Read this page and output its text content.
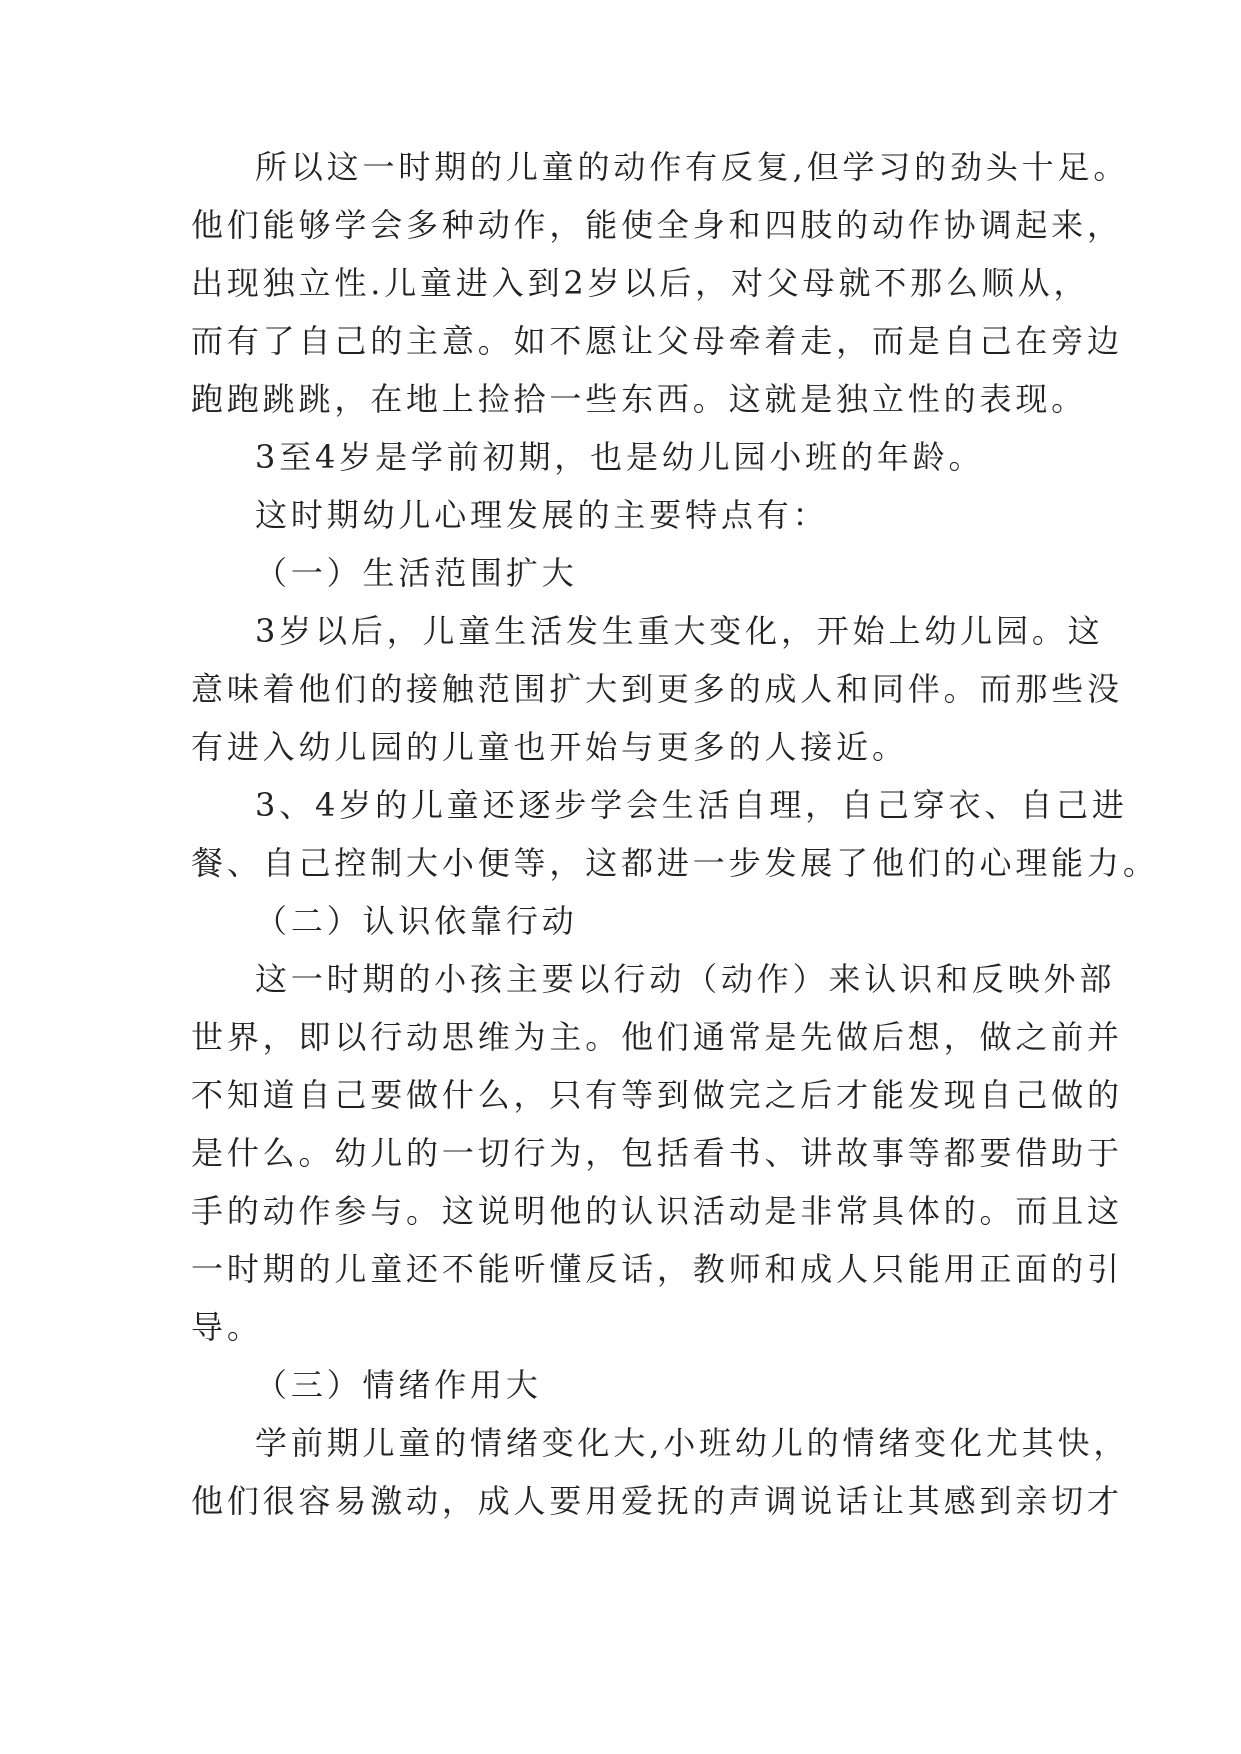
所以这一时期的儿童的动作有反复,但学习的劲头十足。
他们能够学会多种动作，能使全身和四肢的动作协调起来，
出现独立性.儿童进入到2岁以后，对父母就不那么顺从，
而有了自己的主意。如不愿让父母牵着走，而是自己在旁边
跑跑跳跳，在地上捡拾一些东西。这就是独立性的表现。
3至4岁是学前初期，也是幼儿园小班的年龄。
这时期幼儿心理发展的主要特点有：
（一）生活范围扩大
3岁以后，儿童生活发生重大变化，开始上幼儿园。这
意味着他们的接触范围扩大到更多的成人和同伴。而那些没
有进入幼儿园的儿童也开始与更多的人接近。
3、4岁的儿童还逐步学会生活自理，自己穿衣、自己进
餐、自己控制大小便等，这都进一步发展了他们的心理能力。
（二）认识依靠行动
这一时期的小孩主要以行动（动作）来认识和反映外部
世界，即以行动思维为主。他们通常是先做后想，做之前并
不知道自己要做什么，只有等到做完之后才能发现自己做的
是什么。幼儿的一切行为，包括看书、讲故事等都要借助于
手的动作参与。这说明他的认识活动是非常具体的。而且这
一时期的儿童还不能听懂反话，教师和成人只能用正面的引
导。
（三）情绪作用大
学前期儿童的情绪变化大,小班幼儿的情绪变化尤其快，
他们很容易激动，成人要用爱抚的声调说话让其感到亲切才
